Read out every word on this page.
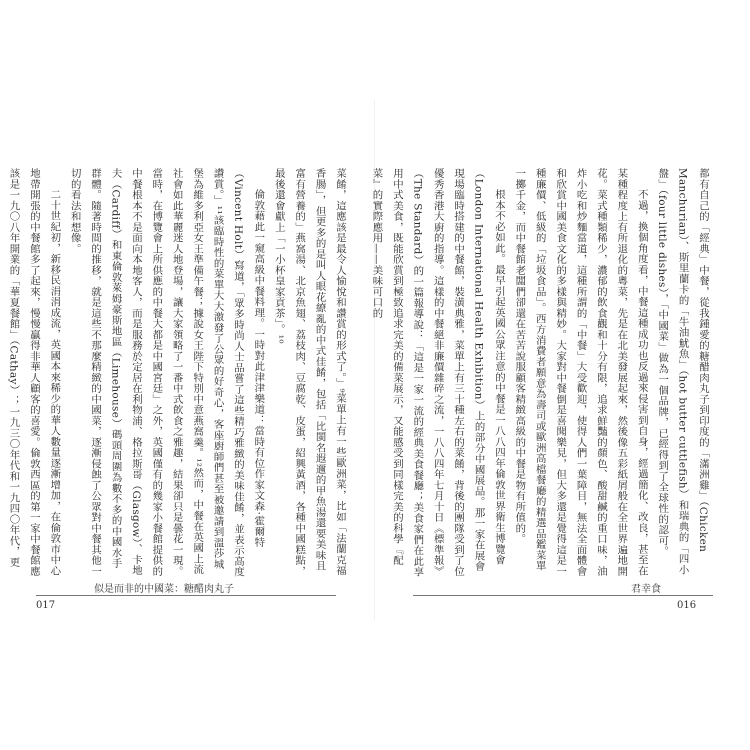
菜餚，這應該是最令人愉悅和讚賞的形式了。」⁹菜單上有一些歐洲菜，比如「法蘭克福香腸」，但更多的是叫人眼花繚亂的中式佳餚，包括「比閩名遐邇的甲魚湯還要美味且富有營養的」燕窩湯、北京魚翅、荔枝肉、豆腐乾、皮蛋，紹興黃酒，各種中國糕點，最後還會獻上「一小杯皇家貢茶」。¹⁰

倫敦藉此一窺高級中餐料理。一時對此津津樂道：當時有位作家文森‧霍爾特（Vincent Holt）寫道，「眾多時尚人士品嘗了這些精巧雅緻的美味佳餚，並表示高度讚賞。」¹¹該臨時性的菜單大大激發了公眾的好奇心，客座廚師們甚至被邀請到溫莎城堡為維多利亞女王準備午餐；據說女王陛下特別中意燕窩羹。¹²然而，中餐在英國上流社會如此華麗迷人地登場，讓大家領略了一番中式飲食之雅趣，結果卻只是曇花一現。當時，在博覽會上所供應的中餐大都是中國宮廷」之外，英國僅有的幾家小餐館提供的中餐根本不是面向本地客人，而是服務於定居在利物浦、格拉斯哥（Glasgow）、卡地夫（Cardiff）和東倫敦萊姆豪斯地區（Limehouse）碼頭周圍為數不多的中國水手群體。隨著時間的推移，就是這些不那麼精緻的中國菜，逐漸侵蝕了公眾對中餐其他一切的看法和想像。

二十世紀初，新移民涓涓成流，英國本來稀少的華人數量逐漸增加，在倫敦市中心地帶開張的中餐館多了起來，慢慢贏得非華人顧客的喜愛。倫敦西區的第一家中餐館應該是一九〇八年開業的「華夏餐館」（Cathay）；一九三〇年代和一九四〇年代，更

似是而非的中國菜：糖醋肉丸子
017

都有自己的「經典」中餐，從我鍾愛的糖醋肉丸子到印度的「滿洲雞」（Chicken Manchurian）、斯里蘭卡的「牛油魷魚」（hot butter cuttlefish）和瑞典的「四小盤」（four little dishes），「中國菜」做為一個品牌，已經得到了全球性的認可。

不過，換個角度看，中餐這種成功也反過來侵害到自身，經過簡化、改良，甚至在某種程度上有所退化的粵菜，先是在北美發展起來，然後像五彩紙屑般在全世界遍地開花。菜式種類稀少，濃郁的飲食觀和十分有限，追求鮮豔的顏色、酸甜鹹的重口味，油炸小吃和炒麵當道，這種所謂的「中餐」大受歡迎，使得人們一葉障目，無法全面體會和欣賞中國美食文化的多樣與精妙。大家對中餐倒是喜聞樂見，但大多還是覺得這是一種廉價、低級的「垃圾食品」。西方消費者願意為壽司或歐洲高檔餐廳的精選品鑑菜單一擲千金，而中餐館老闆們卻還在苦苦說服顧客精緻高級的中餐是物有所值的。

根本不必如此。最早引起英國公眾注意的中餐是一八八四年倫敦世界衛生博覽會（London International Health Exhibition）上的部分中國展品。那一家在展會現場臨時搭建的中餐館，裝潢典雅，菜單上有三十種左右的菜餚，背後的團隊受到了位優秀香港大廚的指導。這樣的中餐絕非廉價雜碎之流，一八八四年七月十日《標準報》（The Standard）的一篇報導說：「這是一家一流的經典美食餐廳；美食家們在此享用中式美食，既能欣賞到極致追求完美的備菜展示，又能感受到同樣完美的科學『配菜』的實際應用——美味可口的

君幸食
016
